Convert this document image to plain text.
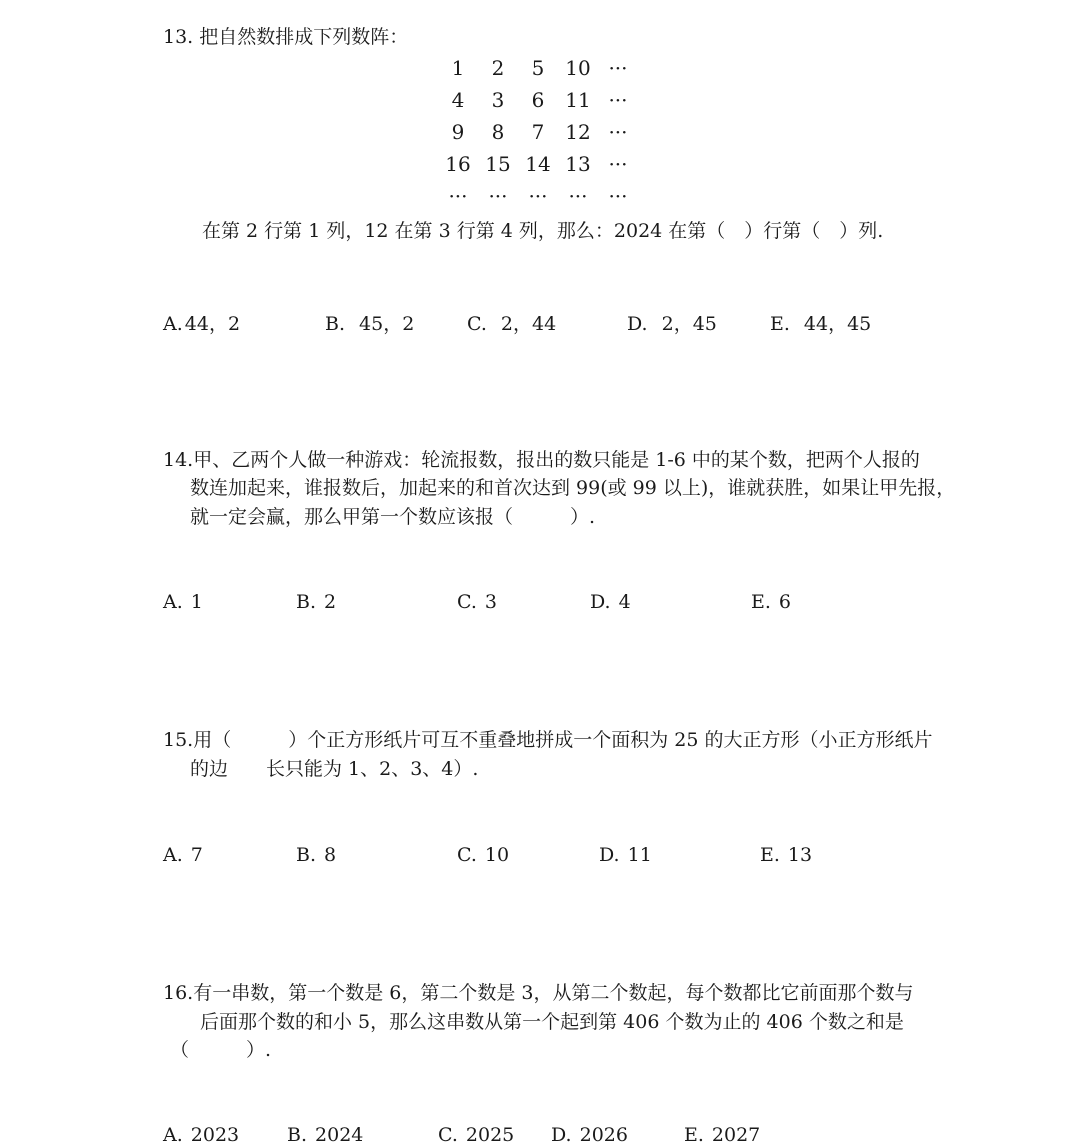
13. 把自然数排成下列数阵：
1	2	5	10 ···
4	3	6	11 ···
9	8	7	12 ···
16 15 14 13 ···
···	···	···	···	···
在第 2 行第 1 列，12 在第 3 行第 4 列，那么：2024 在第（　）行第（　）列.
A. 44，2	B. 45，2	C. 2，44	D. 2，45	E. 44，45
14.甲、乙两个人做一种游戏：轮流报数，报出的数只能是 1-6 中的某个数，把两个人报的
数连加起来，谁报数后，加起来的和首次达到 99(或 99 以上)，谁就获胜，如果让甲先报，
就一定会赢，那么甲第一个数应该报（　　　）.
A. 1	B. 2	C. 3	D. 4	E. 6
15.用（　　　）个正方形纸片可互不重叠地拼成一个面积为 25 的大正方形（小正方形纸片
的边　　长只能为 1、2、3、4）.
A. 7	B. 8	C. 10	D. 11	E. 13
16.有一串数，第一个数是 6，第二个数是 3，从第二个数起，每个数都比它前面那个数与
后面那个数的和小 5，那么这串数从第一个起到第 406 个数为止的 406 个数之和是
（　　　）.
A. 2023	B. 2024	C. 2025 D. 2026	E. 2027
